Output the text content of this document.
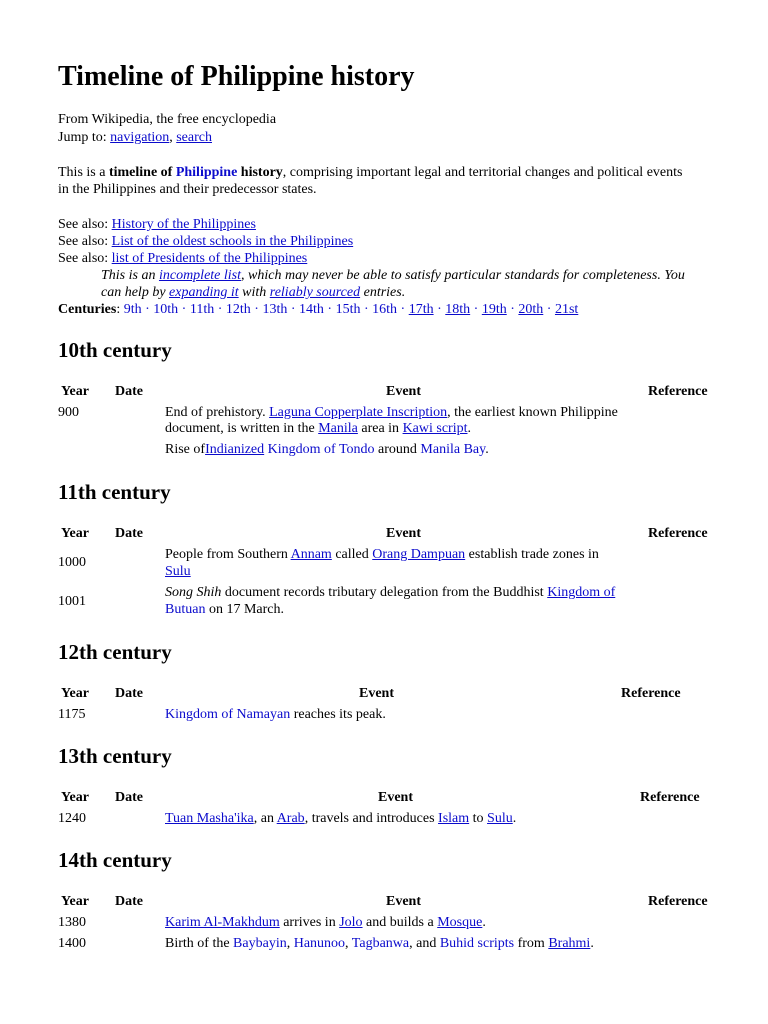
Timeline of Philippine history
From Wikipedia, the free encyclopedia
Jump to: navigation, search
This is a timeline of Philippine history, comprising important legal and territorial changes and political events
in the Philippines and their predecessor states.
See also: History of the Philippines
See also: List of the oldest schools in the Philippines
See also: list of Presidents of the Philippines
This is an incomplete list, which may never be able to satisfy particular standards for completeness. You
can help by expanding it with reliably sourced entries.
Centuries: 9th · 10th · 11th · 12th · 13th · 14th · 15th · 16th · 17th · 18th · 19th · 20th · 21st
10th century
Year Date	Event	Reference
900	End of prehistory. Laguna Copperplate Inscription, the earliest known Philippine
document, is written in the Manila area in Kawi script.
Rise ofIndianized Kingdom of Tondo around Manila Bay.
11th century
Year Date	Event	Reference
1000
People from Southern Annam called Orang Dampuan establish trade zones in
Sulu
1001
Song Shih document records tributary delegation from the Buddhist Kingdom of
Butuan on 17 March.
12th century
Year Date	Event	Reference
1175	Kingdom of Namayan reaches its peak.
13th century
Year Date	Event	Reference
1240	Tuan Masha'ika, an Arab, travels and introduces Islam to Sulu.
14th century
Year Date	Event	Reference
1380	Karim Al-Makhdum arrives in Jolo and builds a Mosque.
1400	Birth of the Baybayin, Hanunoo, Tagbanwa, and Buhid scripts from Brahmi.
